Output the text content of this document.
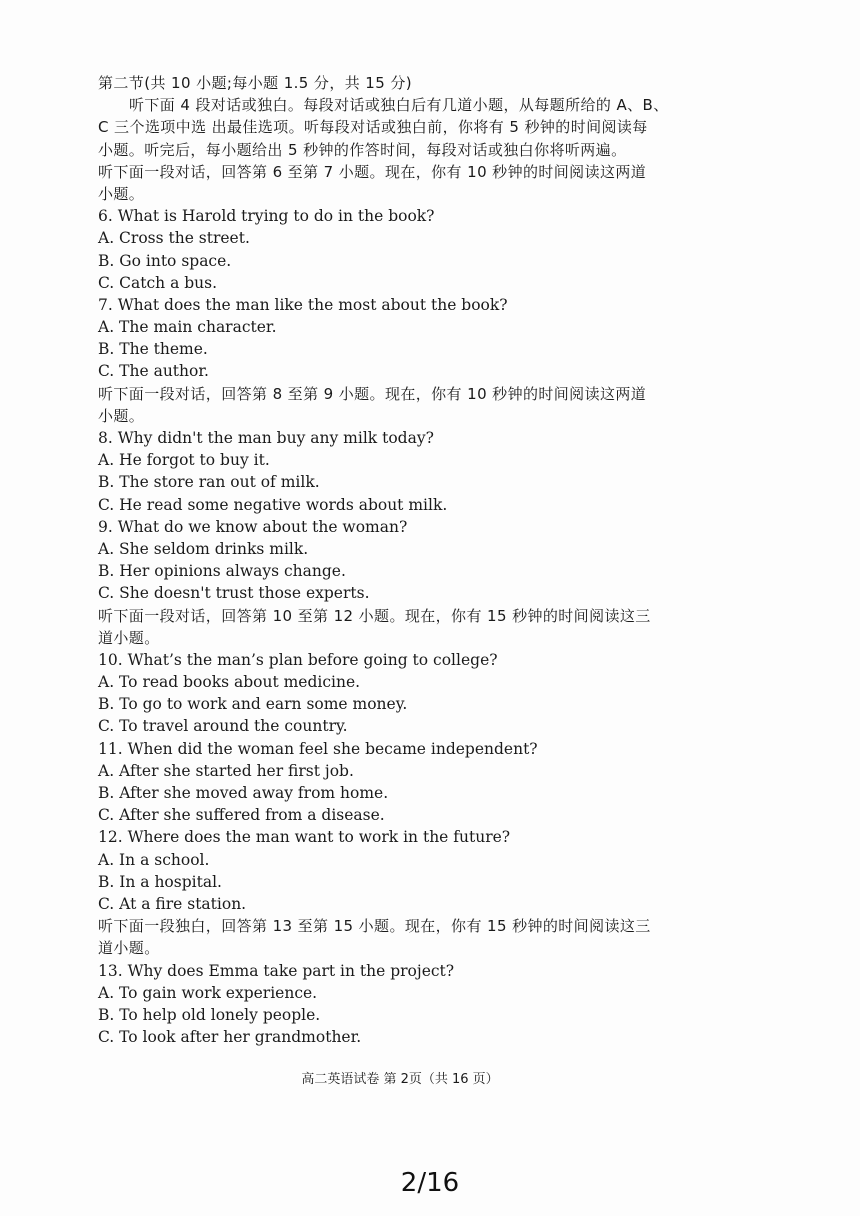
第二节(共 10 小题;每小题 1.5 分，共 15 分)
听下面 4 段对话或独白。每段对话或独白后有几道小题，从每题所给的 A、B、
C 三个选项中选 出最佳选项。听每段对话或独白前，你将有 5 秒钟的时间阅读每
小题。听完后，每小题给出 5 秒钟的作答时间，每段对话或独白你将听两遍。
听下面一段对话，回答第 6 至第 7 小题。现在，你有 10 秒钟的时间阅读这两道
小题。
6. What is Harold trying to do in the book?
A. Cross the street.
B. Go into space.
C. Catch a bus.
7. What does the man like the most about the book?
A. The main character.
B. The theme.
C. The author.
听下面一段对话，回答第 8 至第 9 小题。现在，你有 10 秒钟的时间阅读这两道
小题。
8. Why didn't the man buy any milk today?
A. He forgot to buy it.
B. The store ran out of milk.
C. He read some negative words about milk.
9. What do we know about the woman?
A. She seldom drinks milk.
B. Her opinions always change.
C. She doesn't trust those experts.
听下面一段对话，回答第 10 至第 12 小题。现在，你有 15 秒钟的时间阅读这三
道小题。
10. What’s the man’s plan before going to college?
A. To read books about medicine.
B. To go to work and earn some money.
C. To travel around the country.
11. When did the woman feel she became independent?
A. After she started her first job.
B. After she moved away from home.
C. After she suffered from a disease.
12. Where does the man want to work in the future?
A. In a school.
B. In a hospital.
C. At a fire station.
听下面一段独白，回答第 13 至第 15 小题。现在，你有 15 秒钟的时间阅读这三
道小题。
13. Why does Emma take part in the project?
A. To gain work experience.
B. To help old lonely people.
C. To look after her grandmother.
高二英语试卷 第 2页（共 16 页）
2/16
